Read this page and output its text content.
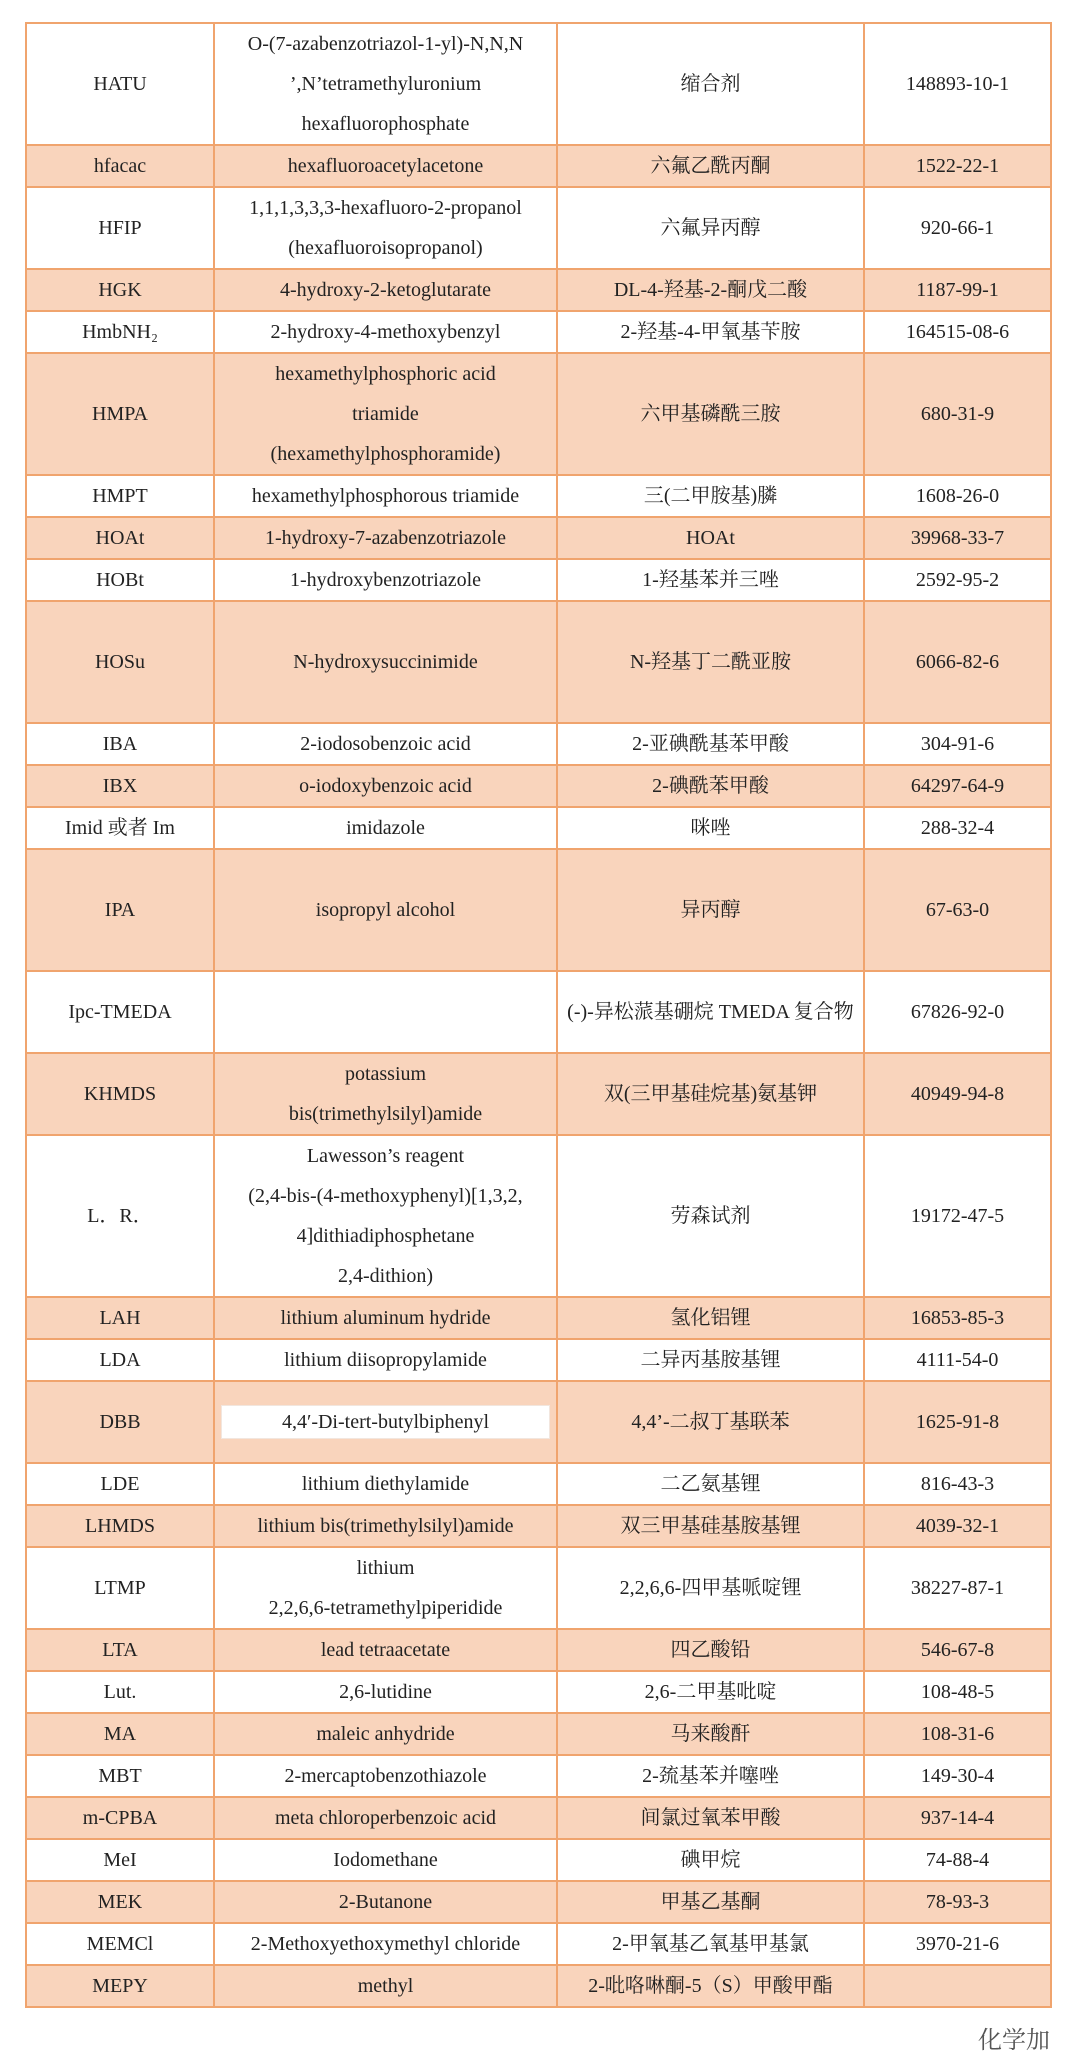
HATU	O-(7-azabenzotriazol-1-yl)-N,N,N
’,N’tetramethyluronium
hexafluorophosphate	缩合剂	148893-10-1
hfacac	hexafluoroacetylacetone	六氟乙酰丙酮	1522-22-1
HFIP	1,1,1,3,3,3-hexafluoro-2-propanol
(hexafluoroisopropanol)	六氟异丙醇	920-66-1
HGK	4-hydroxy-2-ketoglutarate	DL-4-羟基-2-酮戊二酸	1187-99-1
HmbNH₂	2-hydroxy-4-methoxybenzyl	2-羟基-4-甲氧基苄胺	164515-08-6
HMPA	hexamethylphosphoric acid
triamide
(hexamethylphosphoramide)	六甲基磷酰三胺	680-31-9
HMPT	hexamethylphosphorous triamide	三(二甲胺基)膦	1608-26-0
HOAt	1-hydroxy-7-azabenzotriazole	HOAt	39968-33-7
HOBt	1-hydroxybenzotriazole	1-羟基苯并三唑	2592-95-2
HOSu	N-hydroxysuccinimide	N-羟基丁二酰亚胺	6066-82-6
IBA	2-iodosobenzoic acid	2-亚碘酰基苯甲酸	304-91-6
IBX	o-iodoxybenzoic acid	2-碘酰苯甲酸	64297-64-9
Imid 或者 Im	imidazole	咪唑	288-32-4
IPA	isopropyl alcohol	异丙醇	67-63-0
Ipc-TMEDA		(-)-异松蒎基硼烷 TMEDA 复合物	67826-92-0
KHMDS	potassium
bis(trimethylsilyl)amide	双(三甲基硅烷基)氨基钾	40949-94-8
L．R．	Lawesson’s reagent
(2,4-bis-(4-methoxyphenyl)[1,3,2,
4]dithiadiphosphetane
2,4-dithion)	劳森试剂	19172-47-5
LAH	lithium aluminum hydride	氢化铝锂	16853-85-3
LDA	lithium diisopropylamide	二异丙基胺基锂	4111-54-0
DBB	4,4′-Di-tert-butylbiphenyl	4,4’-二叔丁基联苯	1625-91-8
LDE	lithium diethylamide	二乙氨基锂	816-43-3
LHMDS	lithium bis(trimethylsilyl)amide	双三甲基硅基胺基锂	4039-32-1
LTMP	lithium
2,2,6,6-tetramethylpiperidide	2,2,6,6-四甲基哌啶锂	38227-87-1
LTA	lead tetraacetate	四乙酸铅	546-67-8
Lut.	2,6-lutidine	2,6-二甲基吡啶	108-48-5
MA	maleic anhydride	马来酸酐	108-31-6
MBT	2-mercaptobenzothiazole	2-巯基苯并噻唑	149-30-4
m-CPBA	meta chloroperbenzoic acid	间氯过氧苯甲酸	937-14-4
MeI	Iodomethane	碘甲烷	74-88-4
MEK	2-Butanone	甲基乙基酮	78-93-3
MEMCl	2-Methoxyethoxymethyl chloride	2-甲氧基乙氧基甲基氯	3970-21-6
MEPY	methyl	2-吡咯啉酮-5（S）甲酸甲酯	
化学加
